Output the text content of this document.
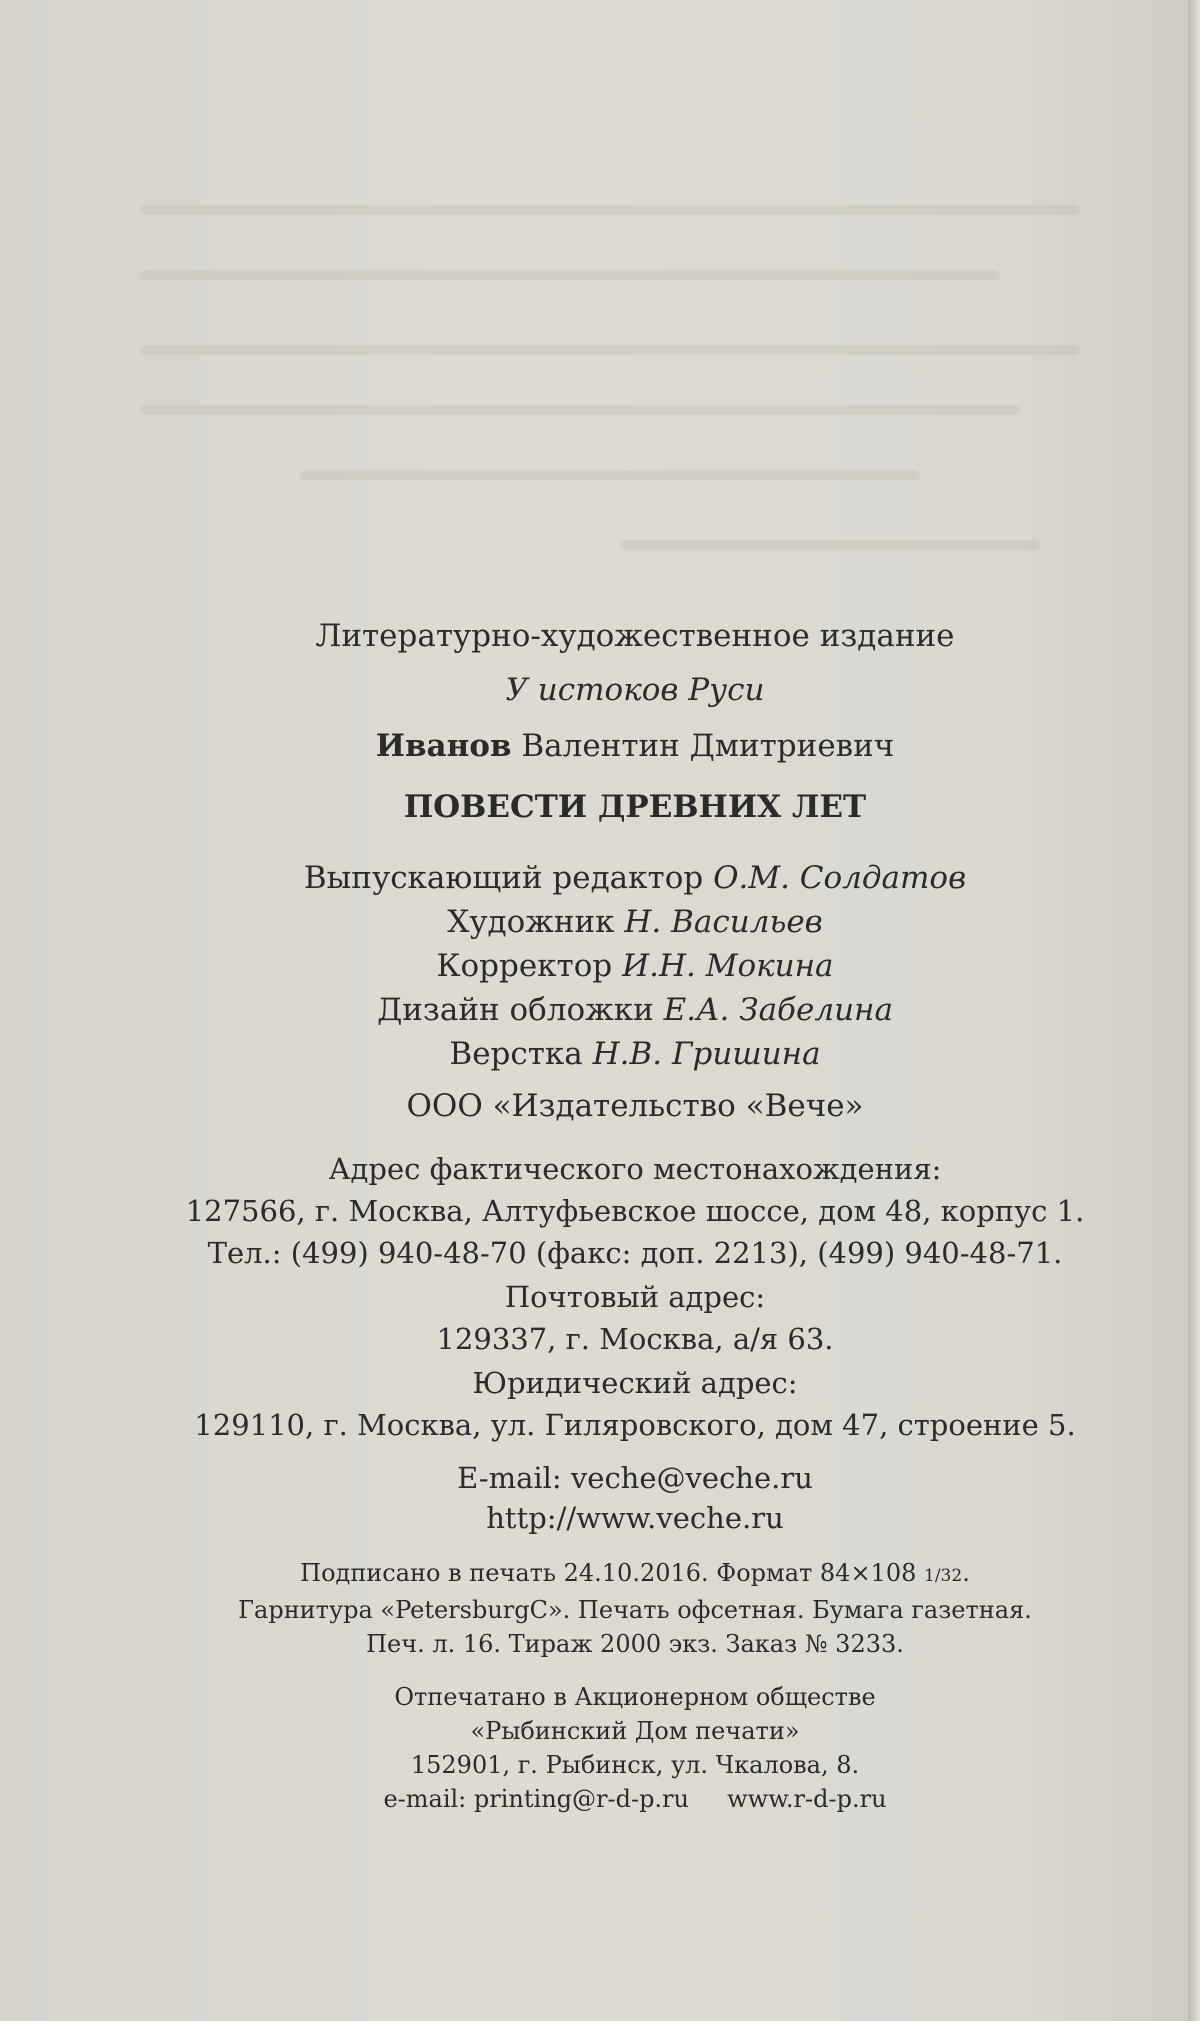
Литературно-художественное издание
У истоков Руси
Иванов Валентин Дмитриевич
ПОВЕСТИ ДРЕВНИХ ЛЕТ
Выпускающий редактор О.М. Солдатов
Художник Н. Васильев
Корректор И.Н. Мокина
Дизайн обложки Е.А. Забелина
Верстка Н.В. Гришина
ООО «Издательство «Вече»
Адрес фактического местонахождения:
127566, г. Москва, Алтуфьевское шоссе, дом 48, корпус 1.
Тел.: (499) 940-48-70 (факс: доп. 2213), (499) 940-48-71.
Почтовый адрес:
129337, г. Москва, а/я 63.
Юридический адрес:
129110, г. Москва, ул. Гиляровского, дом 47, строение 5.
E-mail: veche@veche.ru
http://www.veche.ru
Подписано в печать 24.10.2016. Формат 84×108 1/32.
Гарнитура «PetersburgC». Печать офсетная. Бумага газетная.
Печ. л. 16. Тираж 2000 экз. Заказ № 3233.
Отпечатано в Акционерном обществе
«Рыбинский Дом печати»
152901, г. Рыбинск, ул. Чкалова, 8.
e-mail: printing@r-d-p.ru www.r-d-p.ru
